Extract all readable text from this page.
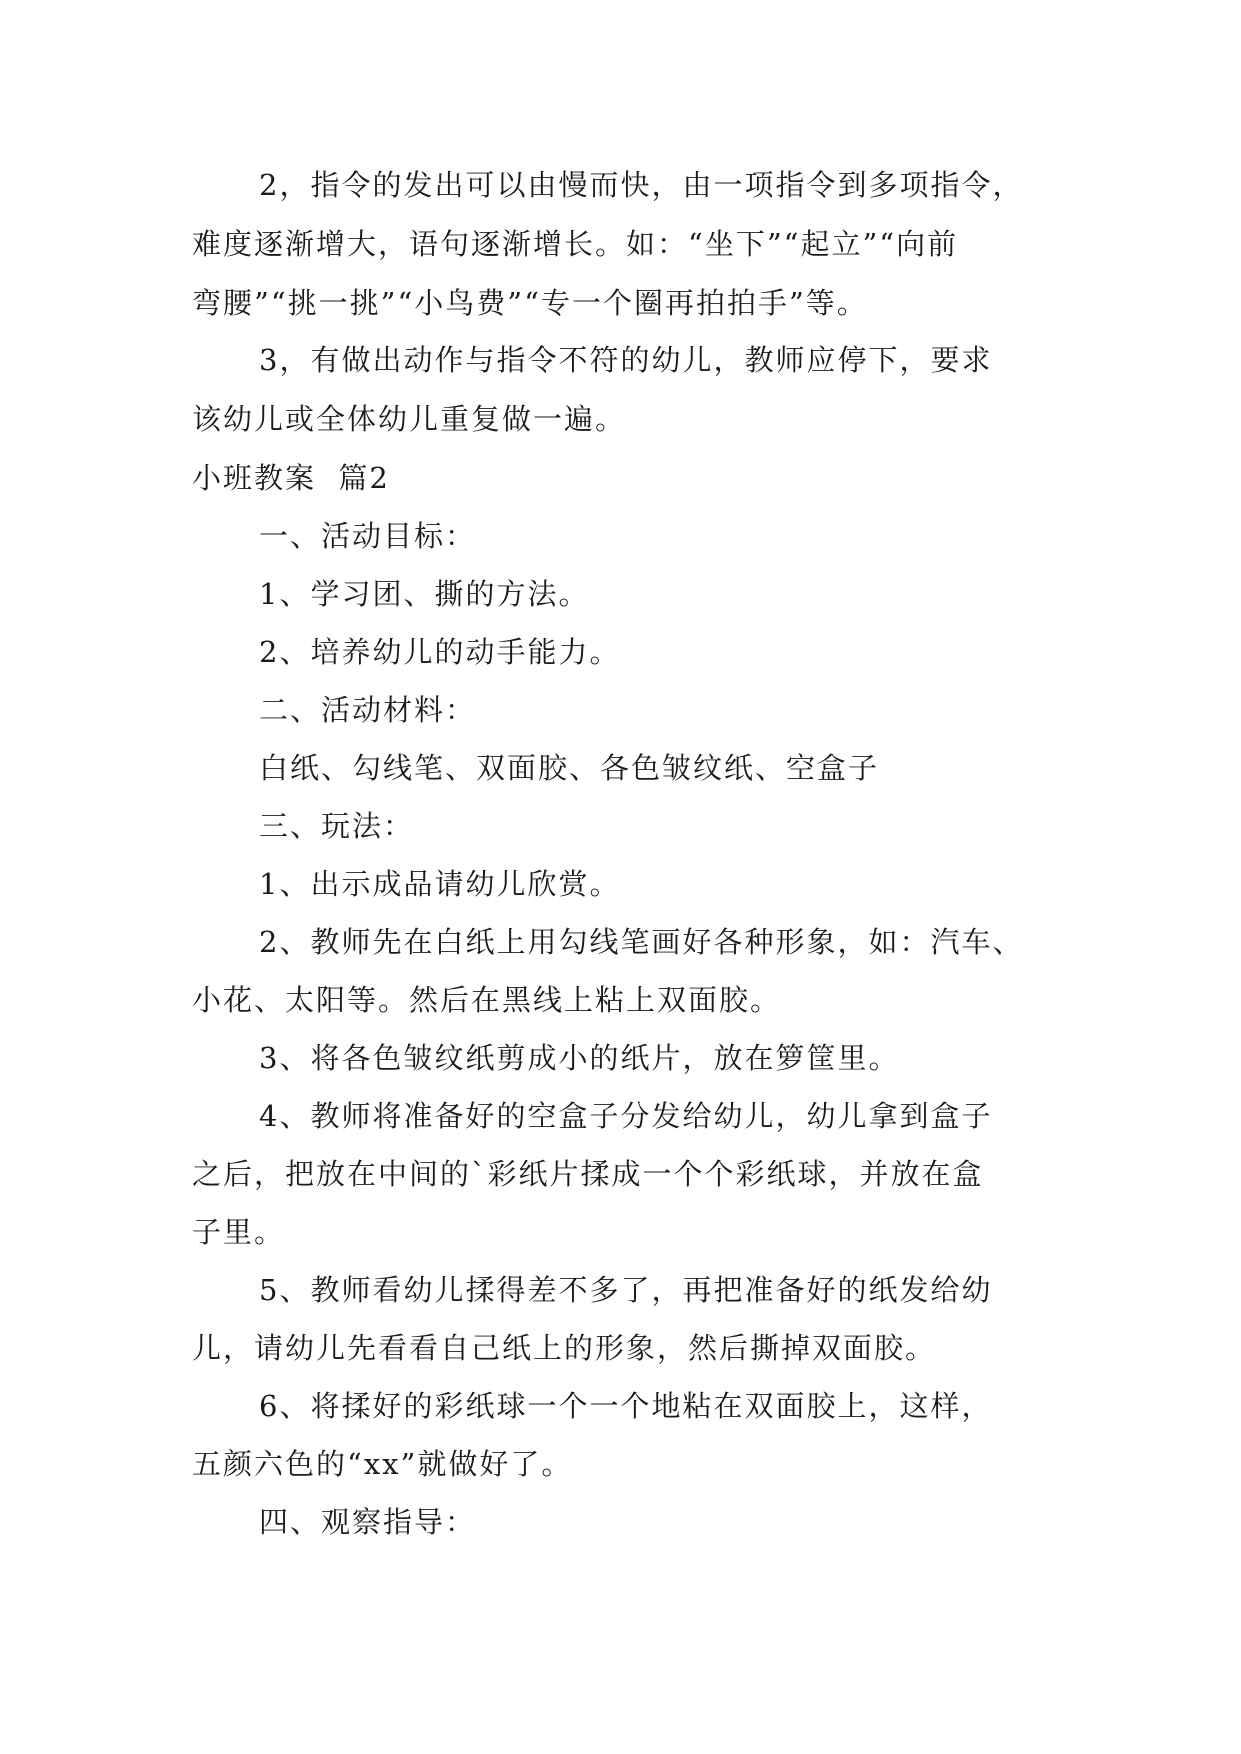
2，指令的发出可以由慢而快，由一项指令到多项指令，
难度逐渐增大，语句逐渐增长。如：“坐下”“起立”“向前
弯腰”“挑一挑”“小鸟费”“专一个圈再拍拍手”等。
3，有做出动作与指令不符的幼儿，教师应停下，要求
该幼儿或全体幼儿重复做一遍。
小班教案  篇2
一、活动目标：
1、学习团、撕的方法。
2、培养幼儿的动手能力。
二、活动材料：
白纸、勾线笔、双面胶、各色皱纹纸、空盒子
三、玩法：
1、出示成品请幼儿欣赏。
2、教师先在白纸上用勾线笔画好各种形象，如：汽车、
小花、太阳等。然后在黑线上粘上双面胶。
3、将各色皱纹纸剪成小的纸片，放在箩筐里。
4、教师将准备好的空盒子分发给幼儿，幼儿拿到盒子
之后，把放在中间的`彩纸片揉成一个个彩纸球，并放在盒
子里。
5、教师看幼儿揉得差不多了，再把准备好的纸发给幼
儿，请幼儿先看看自己纸上的形象，然后撕掉双面胶。
6、将揉好的彩纸球一个一个地粘在双面胶上，这样，
五颜六色的“xx”就做好了。
四、观察指导：
